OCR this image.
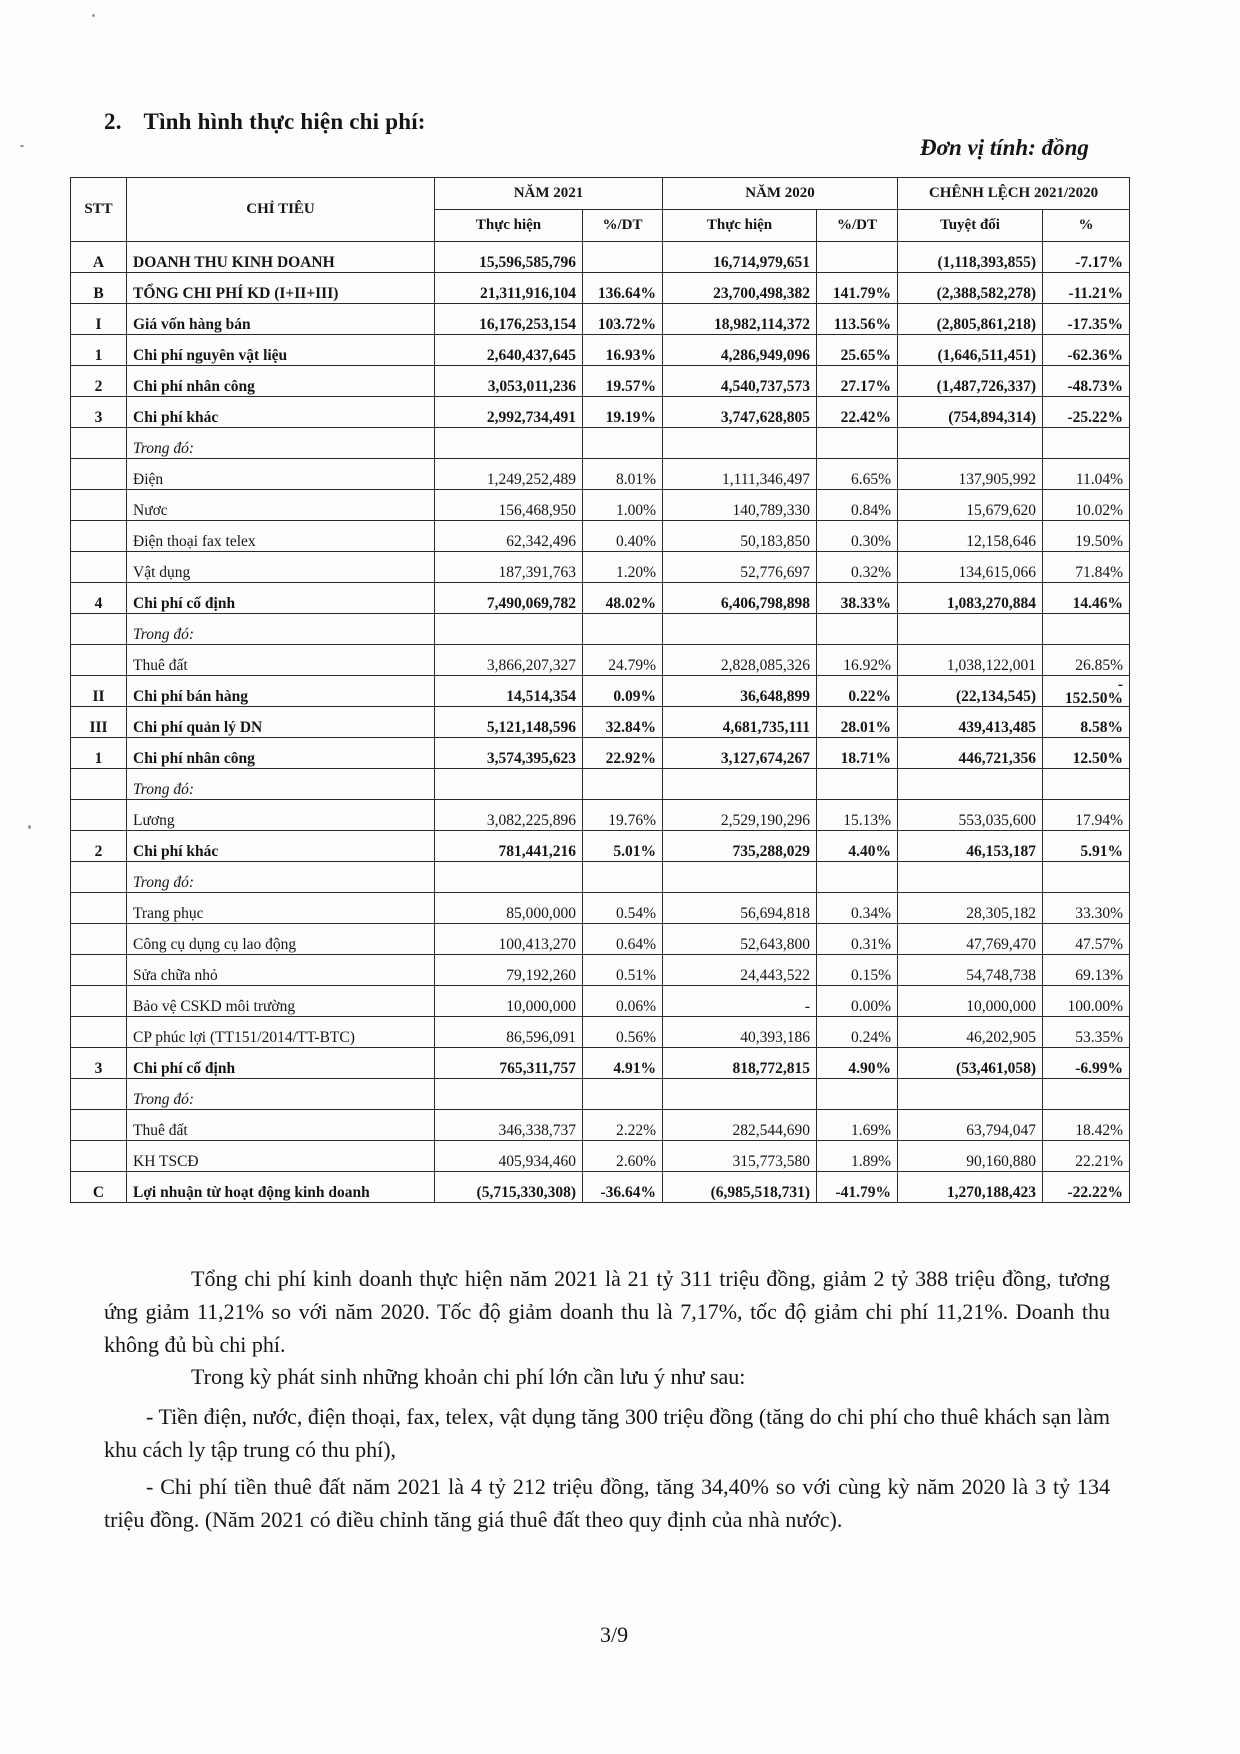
2. Tình hình thực hiện chi phí:
Đơn vị tính: đồng
STT	CHỈ TIÊU	NĂM 2021		NĂM 2020		CHÊNH LỆCH 2021/2020	
		Thực hiện	%/DT	Thực hiện	%/DT	Tuyệt đối	%
A	DOANH THU KINH DOANH	15,596,585,796		16,714,979,651		(1,118,393,855)	-7.17%
B	TỔNG CHI PHÍ KD (I+II+III)	21,311,916,104	136.64%	23,700,498,382	141.79%	(2,388,582,278)	-11.21%
I	Giá vốn hàng bán	16,176,253,154	103.72%	18,982,114,372	113.56%	(2,805,861,218)	-17.35%
1	Chi phí nguyên vật liệu	2,640,437,645	16.93%	4,286,949,096	25.65%	(1,646,511,451)	-62.36%
2	Chi phí nhân công	3,053,011,236	19.57%	4,540,737,573	27.17%	(1,487,726,337)	-48.73%
3	Chi phí khác	2,992,734,491	19.19%	3,747,628,805	22.42%	(754,894,314)	-25.22%
	Trong đó:						
	Điện	1,249,252,489	8.01%	1,111,346,497	6.65%	137,905,992	11.04%
	Nươc	156,468,950	1.00%	140,789,330	0.84%	15,679,620	10.02%
	Điện thoại fax telex	62,342,496	0.40%	50,183,850	0.30%	12,158,646	19.50%
	Vật dụng	187,391,763	1.20%	52,776,697	0.32%	134,615,066	71.84%
4	Chi phí cố định	7,490,069,782	48.02%	6,406,798,898	38.33%	1,083,270,884	14.46%
	Trong đó:						
	Thuê đất	3,866,207,327	24.79%	2,828,085,326	16.92%	1,038,122,001	26.85%
II	Chi phí bán hàng	14,514,354	0.09%	36,648,899	0.22%	(22,134,545)	-
152.50%

III	Chi phí quản lý DN	5,121,148,596	32.84%	4,681,735,111	28.01%	439,413,485	8.58%
1	Chi phí nhân công	3,574,395,623	22.92%	3,127,674,267	18.71%	446,721,356	12.50%
	Trong đó:						
	Lương	3,082,225,896	19.76%	2,529,190,296	15.13%	553,035,600	17.94%
2	Chi phí khác	781,441,216	5.01%	735,288,029	4.40%	46,153,187	5.91%
	Trong đó:						
	Trang phục	85,000,000	0.54%	56,694,818	0.34%	28,305,182	33.30%
	Công cụ dụng cụ lao động	100,413,270	0.64%	52,643,800	0.31%	47,769,470	47.57%
	Sửa chữa nhỏ	79,192,260	0.51%	24,443,522	0.15%	54,748,738	69.13%
	Bảo vệ CSKD môi trường	10,000,000	0.06%	-	0.00%	10,000,000	100.00%
	CP phúc lợi (TT151/2014/TT-BTC)	86,596,091	0.56%	40,393,186	0.24%	46,202,905	53.35%
3	Chi phí cố định	765,311,757	4.91%	818,772,815	4.90%	(53,461,058)	-6.99%
	Trong đó:						
	Thuê đất	346,338,737	2.22%	282,544,690	1.69%	63,794,047	18.42%
	KH TSCĐ	405,934,460	2.60%	315,773,580	1.89%	90,160,880	22.21%
C	Lợi nhuận từ hoạt động kinh doanh	(5,715,330,308)	-36.64%	(6,985,518,731)	-41.79%	1,270,188,423	-22.22%
Tổng chi phí kinh doanh thực hiện năm 2021 là 21 tỷ 311 triệu đồng, giảm 2 tỷ 388 triệu đồng, tương ứng giảm 11,21% so với năm 2020. Tốc độ giảm doanh thu là 7,17%, tốc độ giảm chi phí 11,21%. Doanh thu không đủ bù chi phí.
Trong kỳ phát sinh những khoản chi phí lớn cần lưu ý như sau:
- Tiền điện, nước, điện thoại, fax, telex, vật dụng tăng 300 triệu đồng (tăng do chi phí cho thuê khách sạn làm khu cách ly tập trung có thu phí),
- Chi phí tiền thuê đất năm 2021 là 4 tỷ 212 triệu đồng, tăng 34,40% so với cùng kỳ năm 2020 là 3 tỷ 134 triệu đồng. (Năm 2021 có điều chỉnh tăng giá thuê đất theo quy định của nhà nước).
3/9
